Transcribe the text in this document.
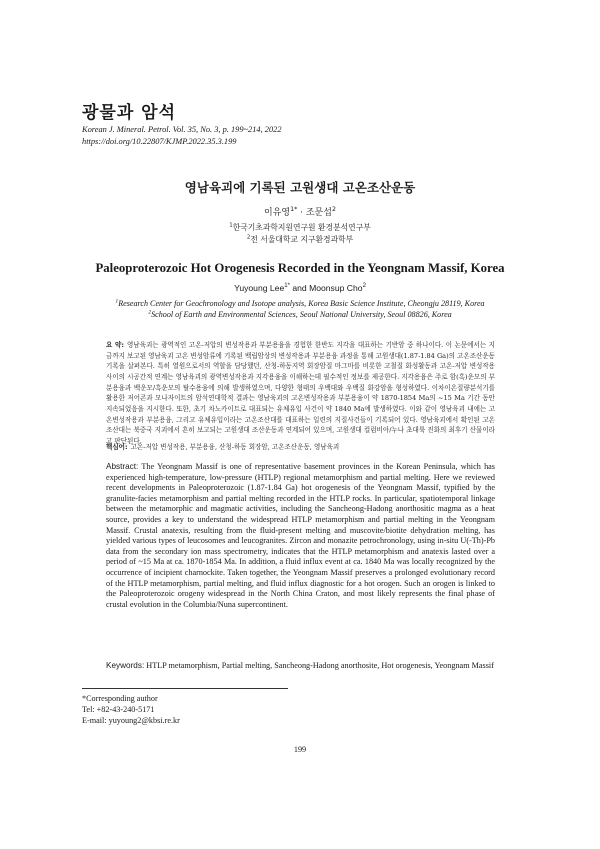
광물과 암석
Korean J. Mineral. Petrol. Vol. 35, No. 3, p. 199~214, 2022
https://doi.org/10.22807/KJMP.2022.35.3.199
영남육괴에 기록된 고원생대 고온조산운동
이유영$^{1*}$ · 조문섭$^2$
$^1$한국기초과학지원연구원 환경분석연구부
$^2$전 서울대학교 지구환경과학부
Paleoproterozoic Hot Orogenesis Recorded in the Yeongnam Massif, Korea
Yuyoung Lee$^{1*}$ and Moonsup Cho$^2$
$^1$Research Center for Geochronology and Isotope analysis, Korea Basic Science Institute, Cheongju 28119, Korea
$^2$School of Earth and Environmental Sciences, Seoul National University, Seoul 08826, Korea
요 약: 영남육괴는 광역적인 고온-저압의 변성작용과 부분용융을 경험한 한반도 지각을 대표하는 기반암 중 하나이다. 이 논문에서는 지금까지 보고된 영남육괴 고온 변성암류에 기록된 백립암상의 변성작용과 부분용융 과정을 통해 고원생대(1.87-1.84 Ga)의 고온조산운동 기록을 살펴본다. 특히 열원으로서의 역할을 담당했던, 산청-하동지역 회장암질 마그마를 비롯한 고철질 화성활동과 고온-저압 변성작용 사이의 시공간적 연계는 영남육괴의 광역변성작용과 지각용융을 이해하는데 필수적인 정보를 제공한다. 지각용융은 주로 함(흑)운모의 부분용융과 백운모/흑운모의 탈수용융에 의해 발생하였으며, 다양한 형태의 우백대와 우백질 화강암을 형성하였다. 이차이온질량분석기를 활용한 저어콘과 모나자이트의 암석연대학적 결과는 영남육괴의 고온변성작용과 부분용융이 약 1870-1854 Ma의 ~15 Ma 기간 동안 지속되었음을 지시한다. 또한, 초기 차노카이트로 대표되는 유체유입 사건이 약 1840 Ma에 발생하였다. 이와 같이 영남육괴 내에는 고온변성작용과 부분용융, 그리고 유체유입이라는 고온조산대를 대표하는 일련의 지질사건들이 기록되어 있다. 영남육괴에서 확인된 고온조산대는 북중국 지괴에서 흔히 보고되는 고원생대 조산운동과 연계되어 있으며, 고원생대 컬럼비아/누나 초대륙 진화의 최후기 산물이라고 판단된다.
핵심어: 고온-저압 변성작용, 부분용융, 산청-하동 회장암, 고온조산운동, 영남육괴
Abstract: The Yeongnam Massif is one of representative basement provinces in the Korean Peninsula, which has experienced high-temperature, low-pressure (HTLP) regional metamorphism and partial melting. Here we reviewed recent developments in Paleoproterozoic (1.87-1.84 Ga) hot orogenesis of the Yeongnam Massif, typified by the granulite-facies metamorphism and partial melting recorded in the HTLP rocks. In particular, spatiotemporal linkage between the metamorphic and magmatic activities, including the Sancheong-Hadong anorthositic magma as a heat source, provides a key to understand the widespread HTLP metamorphism and partial melting in the Yeongnam Massif. Crustal anatexis, resulting from the fluid-present melting and muscovite/biotite dehydration melting, has yielded various types of leucosomes and leucogranites. Zircon and monazite petrochronology, using in-situ U(-Th)-Pb data from the secondary ion mass spectrometry, indicates that the HTLP metamorphism and anatexis lasted over a period of ~15 Ma at ca. 1870-1854 Ma. In addition, a fluid influx event at ca. 1840 Ma was locally recognized by the occurrence of incipient charnockite. Taken together, the Yeongnam Massif preserves a prolonged evolutionary record of the HTLP metamorphism, partial melting, and fluid influx diagnostic for a hot orogen. Such an orogen is linked to the Paleoproterozoic orogeny widespread in the North China Craton, and most likely represents the final phase of crustal evolution in the Columbia/Nuna supercontinent.
Keywords: HTLP metamorphism, Partial melting, Sancheong-Hadong anorthosite, Hot orogenesis, Yeongnam Massif
*Corresponding author
Tel: +82-43-240-5171
E-mail: yuyoung2@kbsi.re.kr
199
